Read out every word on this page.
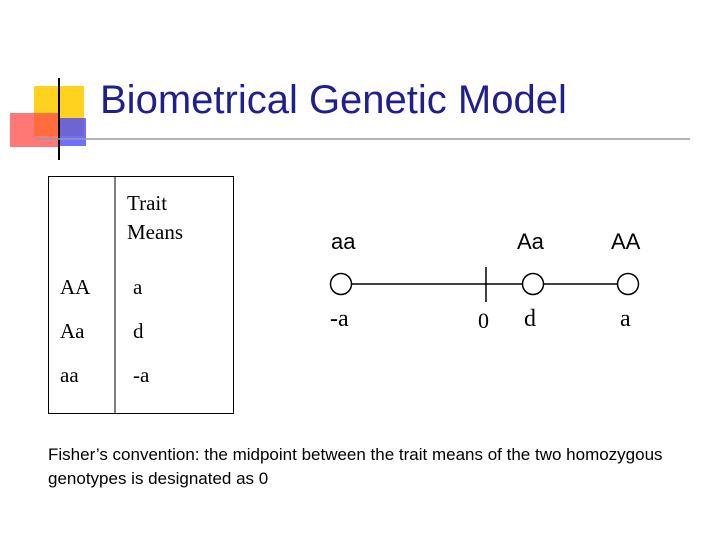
Biometrical Genetic Model
Trait
Means
AA a
Aa d
aa	-a
aa	Aa	AA
-a	0 d	a
Fisher’s convention: the midpoint between the trait means of the two homozygous genotypes is designated as 0
